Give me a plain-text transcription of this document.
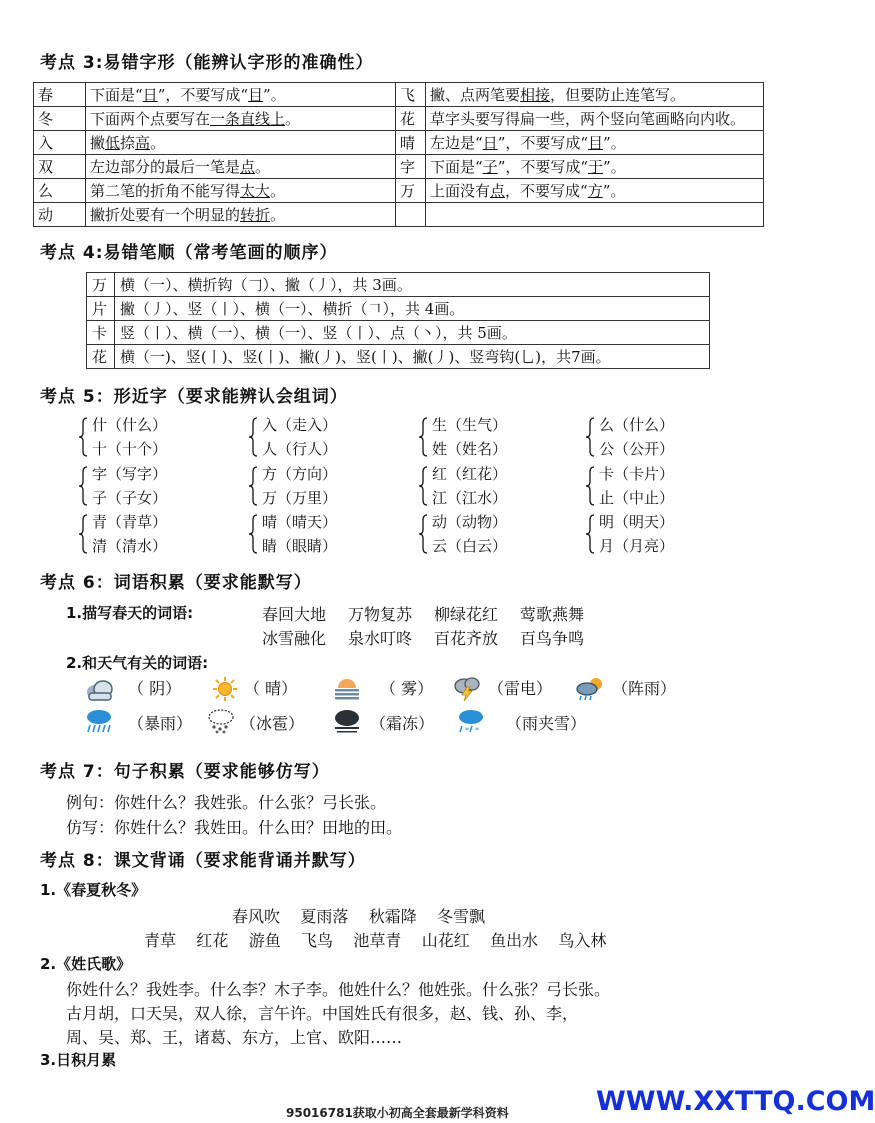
考点 3:易错字形（能辨认字形的准确性）
春	下面是“日”，不要写成“目”。	飞	撇、点两笔要相接，但要防止连笔写。
冬	下面两个点要写在一条直线上。	花	草字头要写得扁一些，两个竖向笔画略向内收。
入	撇低捺高。	晴	左边是“日”，不要写成“目”。
双	左边部分的最后一笔是点。	字	下面是“子”，不要写成“于”。
么	第二笔的折角不能写得太大。	万	上面没有点，不要写成“方”。
动	撇折处要有一个明显的转折。		
考点 4:易错笔顺（常考笔画的顺序）
万	横（一）、横折钩（𠃌）、撇（丿），共 3画。
片	撇（丿）、竖（丨）、横（一）、横折（𠃍），共 4画。
卡	竖（丨）、横（一）、横（一）、竖（丨）、点（丶），共 5画。
花	横（一)、竖(丨)、竖(丨)、撇(丿)、竖(丨)、撇(丿)、竖弯钩(乚)，共7画。
考点 5：形近字（要求能辨认会组词）
什（什么）
十（十个）
入（走入）
人（行人）
生（生气）
姓（姓名）
么（什么）
公（公开）
字（写字）
子（子女）
方（方向）
万（万里）
红（红花）
江（江水）
卡（卡片）
止（中止）
青（青草）
清（清水）
晴（晴天）
睛（眼睛）
动（动物）
云（白云）
明（明天）
月（月亮）
考点 6：词语积累（要求能默写）
1.描写春天的词语:	春回大地 万物复苏 柳绿花红 莺歌燕舞
冰雪融化 泉水叮咚 百花齐放 百鸟争鸣
2.和天气有关的词语:
（ 阴）	（ 晴）	（ 雾）	（雷电）	（阵雨）
（暴雨）	（冰雹）	（霜冻）	* * （雨夹雪）
考点 7：句子积累（要求能够仿写）
例句：你姓什么？我姓张。什么张？弓长张。
仿写：你姓什么？我姓田。什么田？田地的田。
考点 8：课文背诵（要求能背诵并默写）
1.《春夏秋冬》
春风吹    夏雨落    秋霜降    冬雪飘
青草    红花    游鱼    飞鸟    池草青    山花红    鱼出水    鸟入林
2.《姓氏歌》
你姓什么？我姓李。什么李？木子李。他姓什么？他姓张。什么张？弓长张。
古月胡，口天吴，双人徐，言午许。中国姓氏有很多，赵、钱、孙、李，
周、吴、郑、王，诸葛、东方，上官、欧阳……
3.日积月累
95016781获取小初高全套最新学科资料	WWW.XXTTQ.COM
